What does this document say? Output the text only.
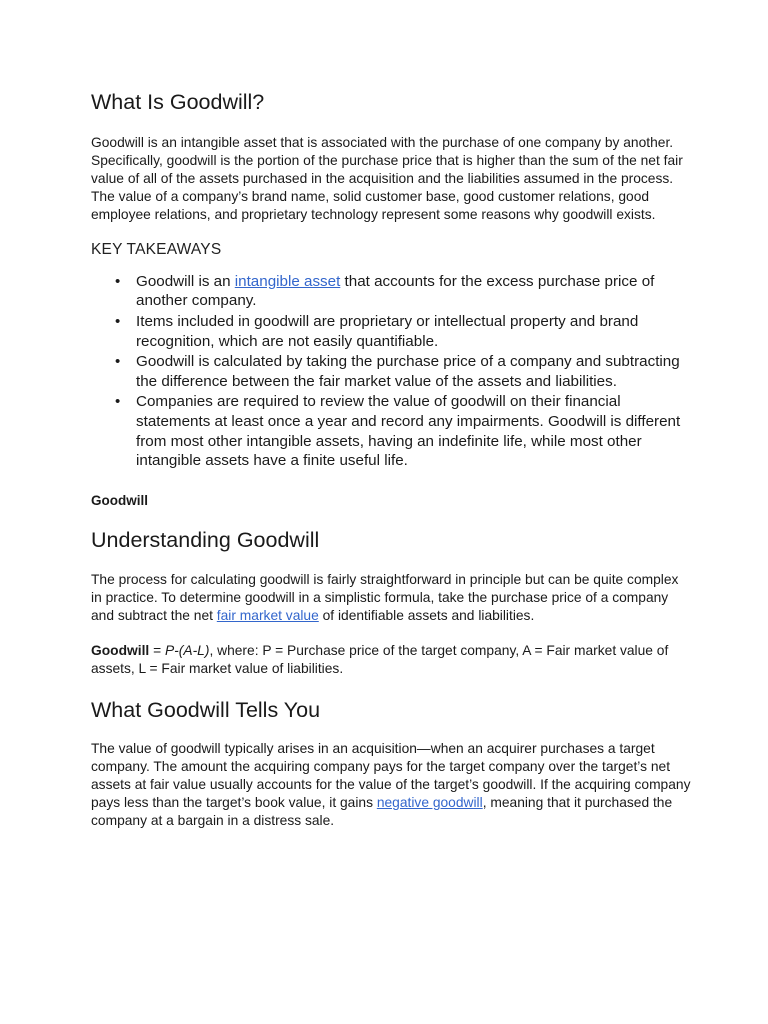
What Is Goodwill?

Goodwill is an intangible asset that is associated with the purchase of one company by another. Specifically, goodwill is the portion of the purchase price that is higher than the sum of the net fair value of all of the assets purchased in the acquisition and the liabilities assumed in the process. The value of a company’s brand name, solid customer base, good customer relations, good employee relations, and proprietary technology represent some reasons why goodwill exists.

KEY TAKEAWAYS
• Goodwill is an intangible asset that accounts for the excess purchase price of another company.
• Items included in goodwill are proprietary or intellectual property and brand recognition, which are not easily quantifiable.
• Goodwill is calculated by taking the purchase price of a company and subtracting the difference between the fair market value of the assets and liabilities.
• Companies are required to review the value of goodwill on their financial statements at least once a year and record any impairments. Goodwill is different from most other intangible assets, having an indefinite life, while most other intangible assets have a finite useful life.
Goodwill
Understanding Goodwill

The process for calculating goodwill is fairly straightforward in principle but can be quite complex in practice. To determine goodwill in a simplistic formula, take the purchase price of a company and subtract the net fair market value of identifiable assets and liabilities.

Goodwill = P-(A-L), where: P = Purchase price of the target company, A = Fair market value of assets, L = Fair market value of liabilities.

What Goodwill Tells You

The value of goodwill typically arises in an acquisition—when an acquirer purchases a target company. The amount the acquiring company pays for the target company over the target’s net assets at fair value usually accounts for the value of the target’s goodwill. If the acquiring company pays less than the target’s book value, it gains negative goodwill, meaning that it purchased the company at a bargain in a distress sale.
